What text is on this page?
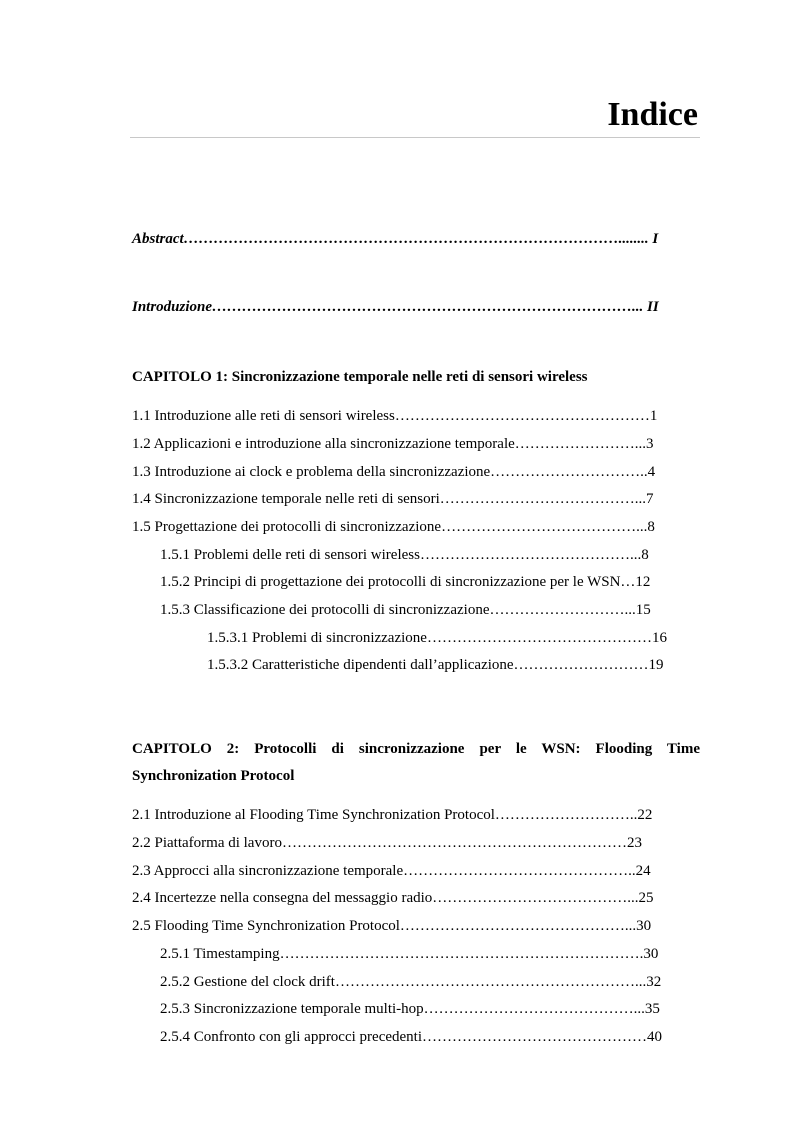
Indice
Abstract……………………………………………………………………………........ I
Introduzione…………………………………………………………………………... II
CAPITOLO 1: Sincronizzazione temporale nelle reti di sensori wireless
1.1 Introduzione alle reti di sensori wireless……………………………………………1
1.2 Applicazioni e introduzione alla sincronizzazione temporale……………………...3
1.3 Introduzione ai clock e problema della sincronizzazione…………………………..4
1.4 Sincronizzazione temporale nelle reti di sensori…………………………………...7
1.5 Progettazione dei protocolli di sincronizzazione…………………………………...8
1.5.1 Problemi delle reti di sensori wireless……………………………………...8
1.5.2 Principi di progettazione dei protocolli di sincronizzazione per le WSN…12
1.5.3 Classificazione dei protocolli di sincronizzazione………………………...15
1.5.3.1 Problemi di sincronizzazione………………………………………16
1.5.3.2 Caratteristiche dipendenti dall’applicazione………………………19
CAPITOLO 2: Protocolli di sincronizzazione per le WSN: Flooding Time Synchronization Protocol
2.1 Introduzione al Flooding Time Synchronization Protocol………………………..22
2.2 Piattaforma di lavoro……………………………………………………………23
2.3 Approcci alla sincronizzazione temporale………………………………………..24
2.4 Incertezze nella consegna del messaggio radio…………………………………...25
2.5 Flooding Time Synchronization Protocol………………………………………...30
2.5.1 Timestamping……………………………………………………………….30
2.5.2 Gestione del clock drift……………………………………………………...32
2.5.3 Sincronizzazione temporale multi-hop……………………………………...35
2.5.4 Confronto con gli approcci precedenti………………………………………40
